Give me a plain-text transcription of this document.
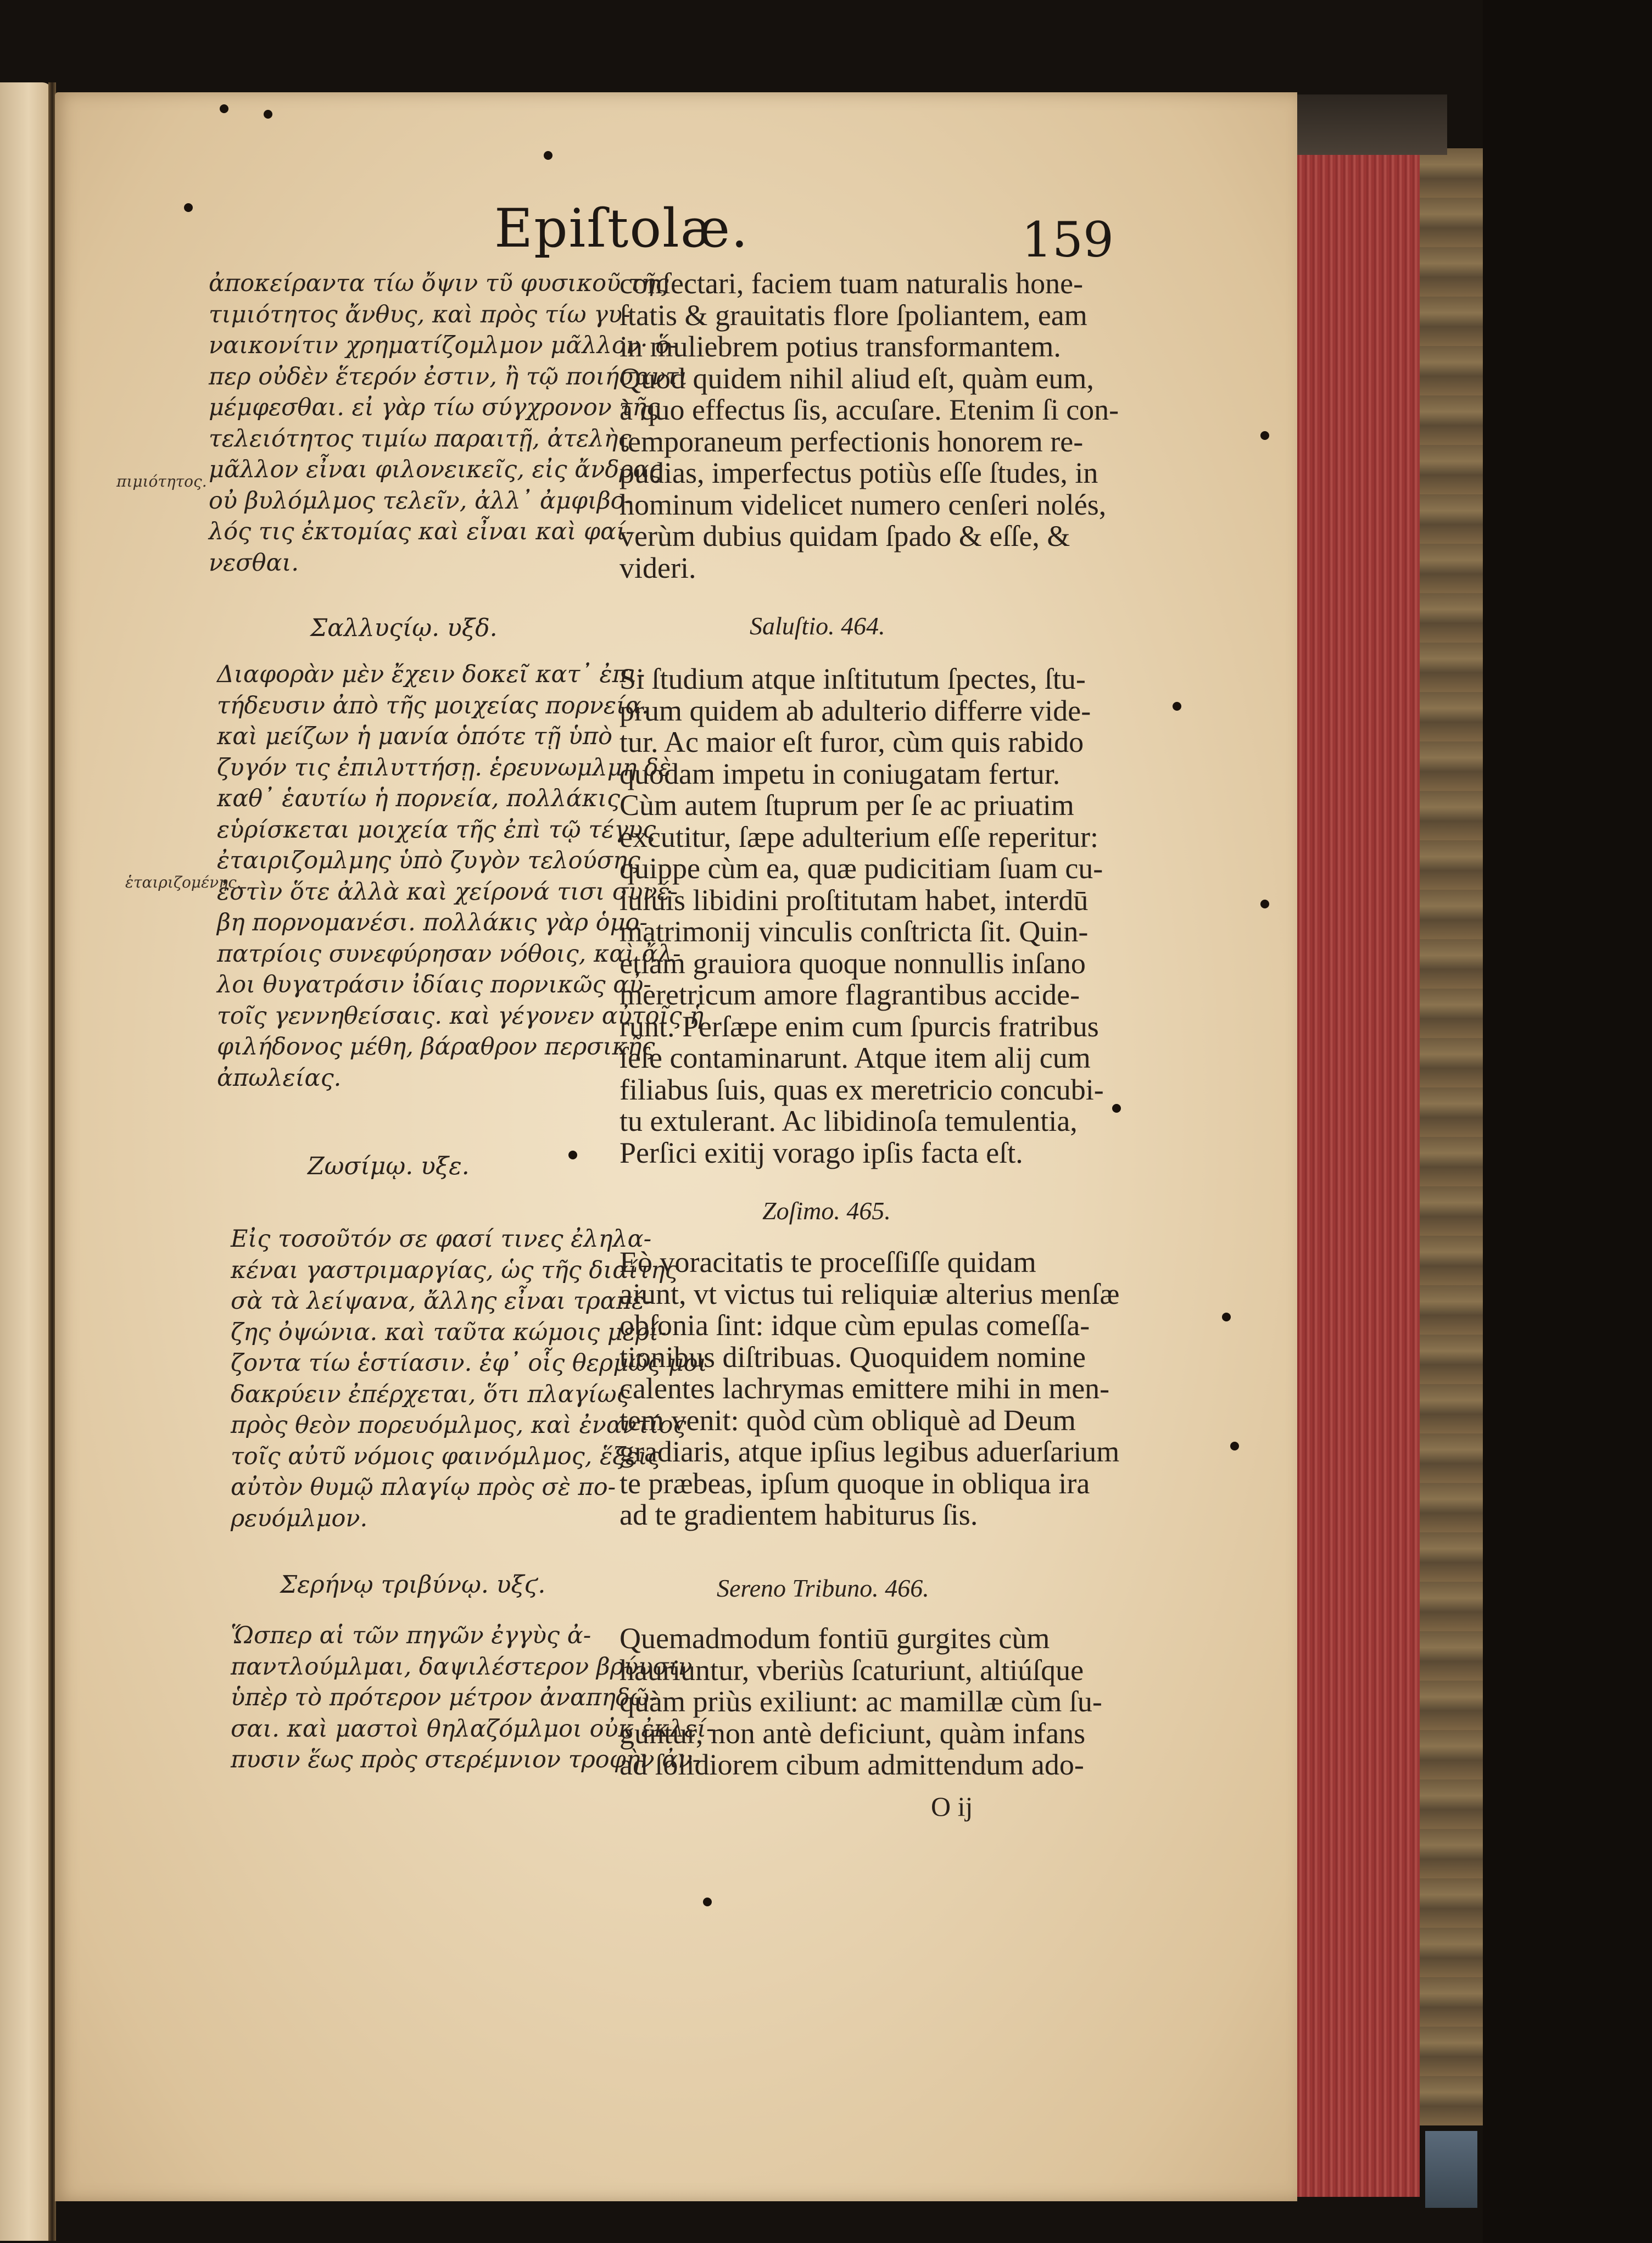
Epiſtolæ.	159
ἀποκείραντα τίω ὄψιν τῦ φυσικοῦ τῆς
τιμιότητος ἄνθυς, καὶ πρὸς τίω γυ-
ναικονίτιν χρηματίζομλμον μᾶλλον· ὅ-
περ οὐδὲν ἕτερόν ἐστιν, ἢ τῷ ποιήσαντι
μέμφεσθαι. εἰ γὰρ τίω σύγχρονον τῆς
τελειότητος τιμίω παραιτῇ, ἀτελὴς
μᾶλλον εἶναι φιλονεικεῖς, εἰς ἄνδρας
οὐ βυλόμλμος τελεῖν, ἀλλ᾽ ἀμφιβο-
λός τις ἐκτομίας καὶ εἶναι καὶ φαί-
νεσθαι.
Σαλλυςίῳ. υξδ.
Διαφορὰν μὲν ἔχειν δοκεῖ κατ᾽ ἐπι-
τήδευσιν ἀπὸ τῆς μοιχείας πορνεία.
καὶ μείζων ἡ μανία ὁπότε τῇ ὑπὸ
ζυγόν τις ἐπιλυττήσῃ. ἑρευνωμλμη δὲ
καθ᾽ ἑαυτίω ἡ πορνεία, πολλάκις
εὑρίσκεται μοιχεία τῆς ἐπὶ τῷ τέγυς
ἐταιριζομλμης ὑπὸ ζυγὸν τελούσης
ἐστὶν ὅτε ἀλλὰ καὶ χείρονά τισι συνέ-
βη πορνομανέσι. πολλάκις γὰρ ὁμο-
πατρίοις συνεφύρησαν νόθοις, καὶ ἄλ-
λοι θυγατράσιν ἰδίαις πορνικῶς αὐ-
τοῖς γεννηθείσαις. καὶ γέγονεν αὐτοῖς ἡ
φιλήδονος μέθη, βάραθρον περσικῆς
ἀπωλείας.
Ζωσίμῳ. υξε.
Εἰς τοσοῦτόν σε φασί τινες ἐληλα-
κέναι γαστριμαργίας, ὡς τῆς διαίτης
σὰ τὰ λείψανα, ἄλλης εἶναι τραπέ-
ζης ὀψώνια. καὶ ταῦτα κώμοις μερί-
ζοντα τίω ἑστίασιν. ἐφ᾽ οἷς θερμῶς μοι
δακρύειν ἐπέρχεται, ὅτι πλαγίως
πρὸς θεὸν πορευόμλμος, καὶ ἐναντίος
τοῖς αὐτῦ νόμοις φαινόμλμος, ἕξεις
αὐτὸν θυμῷ πλαγίῳ πρὸς σὲ πο-
ρευόμλμον.
Σερήνῳ τριβύνῳ. υξϛ.
Ὥσπερ αἱ τῶν πηγῶν ἐγγὺς ἀ-
παντλούμλμαι, δαψιλέστερον βρύυσιν
ὑπὲρ τὸ πρότερον μέτρον ἀναπηδῶ-
σαι. καὶ μαστοὶ θηλαζόμλμοι οὐκ ἐκλεί-
πυσιν ἕως πρὸς στερέμνιον τροφὴν ἀν-
πιμιότητος.
ἑταιριζομένης.
conſectari, faciem tuam naturalis hone-
ſtatis & grauitatis flore ſpoliantem, eam
in muliebrem potius transformantem.
Quod quidem nihil aliud eſt, quàm eum,
à quo effectus ſis, accuſare. Etenim ſi con-
temporaneum perfectionis honorem re-
pudias, imperfectus potiùs eſſe ſtudes, in
hominum videlicet numero cenſeri nolés,
verùm dubius quidam ſpado & eſſe, &
videri.
Saluſtio. 464.
Si ſtudium atque inſtitutum ſpectes, ſtu-
prum quidem ab adulterio differre vide-
tur. Ac maior eſt furor, cùm quis rabido
quodam impetu in coniugatam fertur.
Cùm autem ſtuprum per ſe ac priuatim
excutitur, ſæpe adulterium eſſe reperitur:
quippe cùm ea, quæ pudicitiam ſuam cu-
iuſuis libidini proſtitutam habet, interdū
matrimonij vinculis conſtricta ſit. Quin-
etiam grauiora quoque nonnullis inſano
meretricum amore flagrantibus accide-
runt. Perſæpe enim cum ſpurcis fratribus
ſeſe contaminarunt. Atque item alij cum
filiabus ſuis, quas ex meretricio concubi-
tu extulerant. Ac libidinoſa temulentia,
Perſici exitij vorago ipſis facta eſt.
Zoſimo. 465.
Eò voracitatis te proceſſiſſe quidam
aiunt, vt victus tui reliquiæ alterius menſæ
obſonia ſint: idque cùm epulas comeſſa-
tionibus diſtribuas. Quoquidem nomine
calentes lachrymas emittere mihi in men-
tem venit: quòd cùm obliquè ad Deum
gradiaris, atque ipſius legibus aduerſarium
te præbeas, ipſum quoque in obliqua ira
ad te gradientem habiturus ſis.
Sereno Tribuno. 466.
Quemadmodum fontiū gurgites cùm
hauriuntur, vberiùs ſcaturiunt, altiúſque
quàm priùs exiliunt: ac mamillæ cùm ſu-
guntur, non antè deficiunt, quàm infans
ad ſolidiorem cibum admittendum ado-
O ij
